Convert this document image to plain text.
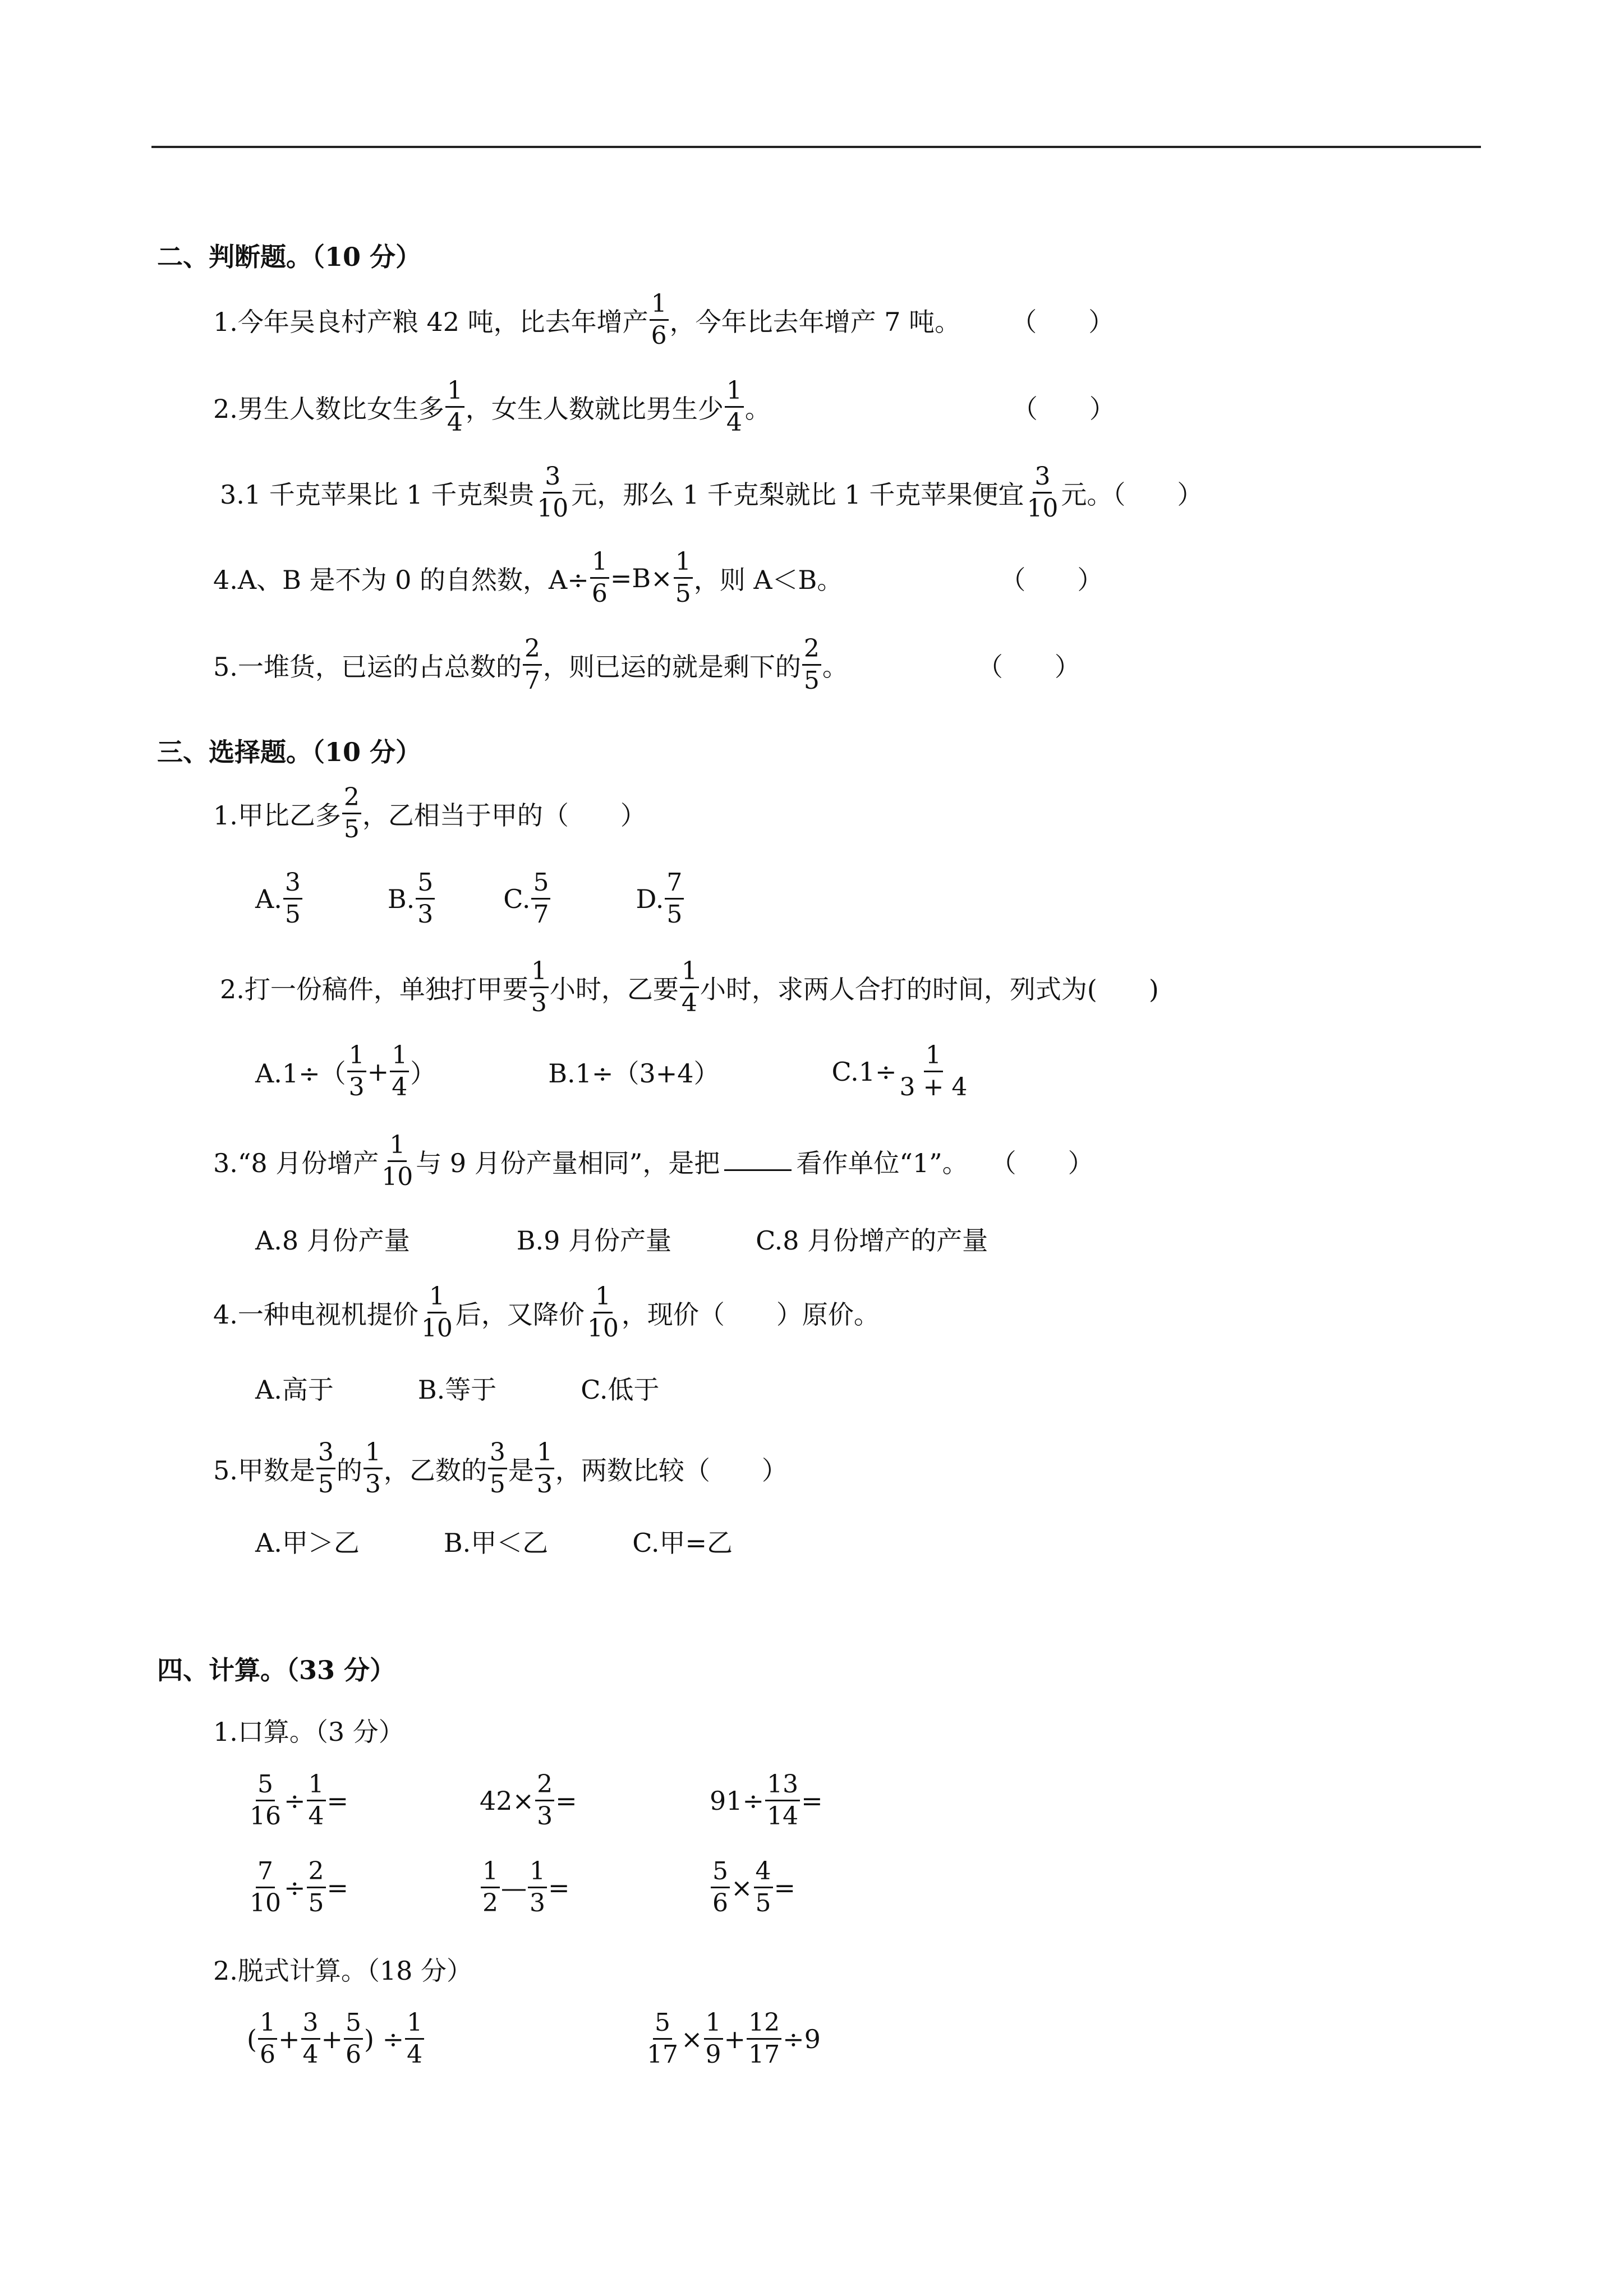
二、判断题。（10 分）
1.今年吴良村产粮 42 吨，比去年增产 $\frac{1}{6}$ ，今年比去年增产 7 吨。 （　　）
2.男生人数比女生多 $\frac{1}{4}$ ，女生人数就比男生少 $\frac{1}{4}$ 。	（　　）
3.1 千克苹果比 1 千克梨贵 $\frac{3}{10}$ 元，那么 1 千克梨就比 1 千克苹果便宜 $\frac{3}{10}$ 元。（　　）
4.A、B 是不为 0 的自然数，$A\div \frac{1}{6} =B\times \frac{1}{5}$ ，则 A＜B。	（　　）
5.一堆货，已运的占总数的 $\frac{2}{7}$ ，则已运的就是剩下的 $\frac{2}{5}$ 。	（　　）
三、选择题。（10 分）
1.甲比乙多 $\frac{2}{5}$ ，乙相当于甲的（　　）
A. $\frac{3}{5}$	B. $\frac{5}{3}$	C. $\frac{5}{7}$	D. $\frac{7}{5}$
2.打一份稿件，单独打甲要 $\frac{1}{3}$ 小时，乙要 $\frac{1}{4}$ 小时，求两人合打的时间，列式为(　　)
$A.1\div( \frac{1}{3} + \frac{1}{4}$ ）	B.1÷（3+4）	$C.1\div \frac{1}{3 + 4}$
3.“8 月份增产 $\frac{1}{10}$ 与 9 月份产量相同”，是把	看作单位“1”。 （　　）
A.8 月份产量	B.9 月份产量	C.8 月份增产的产量
4.一种电视机提价 $\frac{1}{10}$ 后，又降价 $\frac{1}{10}$ ，现价（　　）原价。
A.高于	B.等于	C.低于
5.甲数是 $\frac{3}{5}$ 的 $\frac{1}{3}$ ，乙数的 $\frac{3}{5}$ 是 $\frac{1}{3}$ ，两数比较（　　）
A.甲＞乙	B.甲＜乙	C.甲=乙
四、计算。（33 分）
1.口算。（3 分）
$\frac{5}{16} \div \frac{1}{4}$ =	$42\times \frac{2}{3}$ =	$91\div \frac{13}{14}$ =
$\frac{7}{10} \div \frac{2}{5}$ =	$\frac{1}{2}$ — $\frac{1}{3}$ =	$\frac{5}{6} \times \frac{4}{5}$ =
2.脱式计算。（18 分）
( $\frac{1}{6} + \frac{3}{4} + \frac{5}{6}$ ) ÷ $\frac{1}{4}$	$\frac{5}{17} \times \frac{1}{9} + \frac{12}{17} \div 9$
